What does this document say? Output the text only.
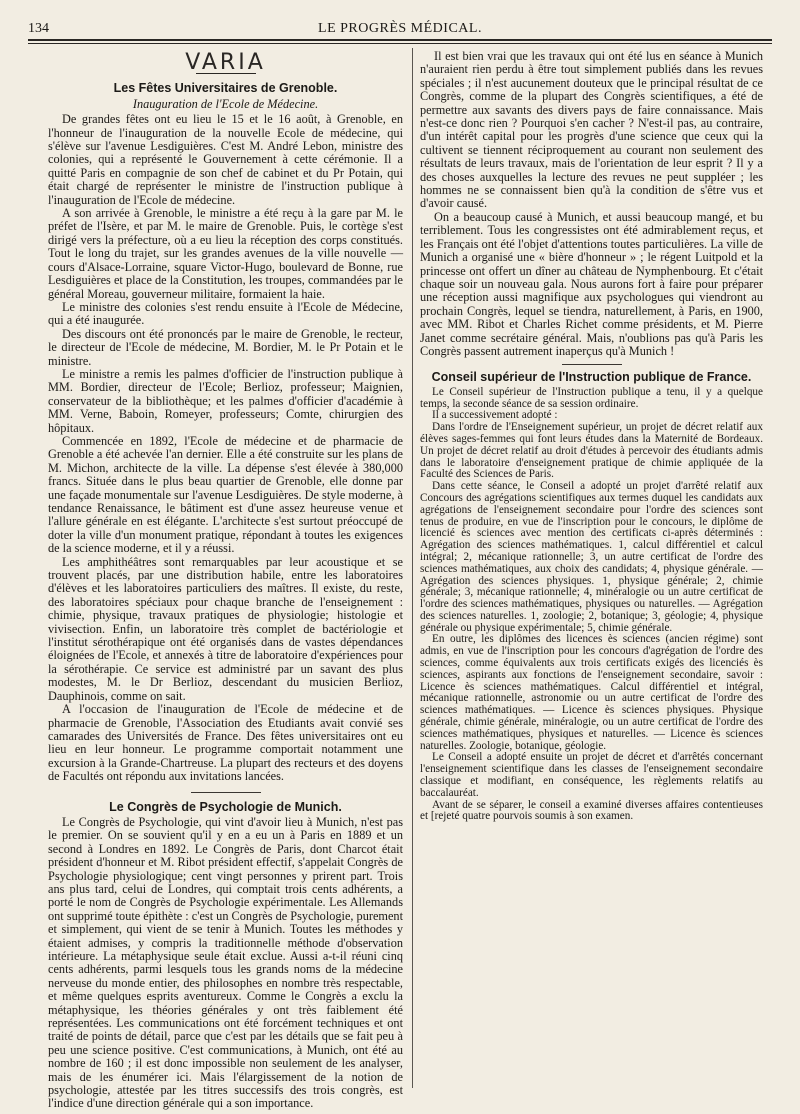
134	LE PROGRÈS MÉDICAL.
VARIA
Les Fêtes Universitaires de Grenoble.
Inauguration de l'Ecole de Médecine.

De grandes fêtes ont eu lieu le 15 et le 16 août, à Grenoble, en l'honneur de l'inauguration de la nouvelle Ecole de médecine, qui s'élève sur l'avenue Lesdiguières. C'est M. André Lebon, ministre des colonies, qui a représenté le Gouvernement à cette cérémonie. Il a quitté Paris en compagnie de son chef de cabinet et du Pr Potain, qui était chargé de représenter le ministre de l'instruction publique à l'inauguration de l'Ecole de médecine.

A son arrivée à Grenoble, le ministre a été reçu à la gare par M. le préfet de l'Isère, et par M. le maire de Grenoble. Puis, le cortège s'est dirigé vers la préfecture, où a eu lieu la réception des corps constitués. Tout le long du trajet, sur les grandes avenues de la ville nouvelle — cours d'Alsace-Lorraine, square Victor-Hugo, boulevard de Bonne, rue Lesdiguières et place de la Constitution, les troupes, commandées par le général Moreau, gouverneur militaire, formaient la haie.

Le ministre des colonies s'est rendu ensuite à l'Ecole de Médecine, qui a été inaugurée.

Des discours ont été prononcés par le maire de Grenoble, le recteur, le directeur de l'Ecole de médecine, M. Bordier, M. le Pr Potain et le ministre.

Le ministre a remis les palmes d'officier de l'instruction publique à MM. Bordier, directeur de l'Ecole; Berlioz, professeur; Maignien, conservateur de la bibliothèque; et les palmes d'officier d'académie à MM. Verne, Baboin, Romeyer, professeurs; Comte, chirurgien des hôpitaux.

Commencée en 1892, l'Ecole de médecine et de pharmacie de Grenoble a été achevée l'an dernier. Elle a été construite sur les plans de M. Michon, architecte de la ville. La dépense s'est élevée à 380,000 francs. Située dans le plus beau quartier de Grenoble, elle donne par une façade monumentale sur l'avenue Lesdiguières. De style moderne, à tendance Renaissance, le bâtiment est d'une assez heureuse venue et l'allure générale en est élégante. L'architecte s'est surtout préoccupé de doter la ville d'un monument pratique, répondant à toutes les exigences de la science moderne, et il y a réussi.

Les amphithéâtres sont remarquables par leur acoustique et se trouvent placés, par une distribution habile, entre les laboratoires d'élèves et les laboratoires particuliers des maîtres. Il existe, du reste, des laboratoires spéciaux pour chaque branche de l'enseignement : chimie, physique, travaux pratiques de physiologie; histologie et vivisection. Enfin, un laboratoire très complet de bactériologie et l'institut sérothérapique ont été organisés dans de vastes dépendances éloignées de l'Ecole, et annexés à titre de laboratoire d'expériences pour la sérothérapie. Ce service est administré par un savant des plus modestes, M. le Dr Berlioz, descendant du musicien Berlioz, Dauphinois, comme on sait.

A l'occasion de l'inauguration de l'Ecole de médecine et de pharmacie de Grenoble, l'Association des Etudiants avait convié ses camarades des Universités de France. Des fêtes universitaires ont eu lieu en leur honneur. Le programme comportait notamment une excursion à la Grande-Chartreuse. La plupart des recteurs et des doyens de Facultés ont répondu aux invitations lancées.

Le Congrès de Psychologie de Munich.

Le Congrès de Psychologie, qui vint d'avoir lieu à Munich, n'est pas le premier. On se souvient qu'il y en a eu un à Paris en 1889 et un second à Londres en 1892. Le Congrès de Paris, dont Charcot était président d'honneur et M. Ribot président effectif, s'appelait Congrès de Psychologie physiologique; cent vingt personnes y prirent part. Trois ans plus tard, celui de Londres, qui comptait trois cents adhérents, a porté le nom de Congrès de Psychologie expérimentale. Les Allemands ont supprimé toute épithète : c'est un Congrès de Psychologie, purement et simplement, qui vient de se tenir à Munich. Toutes les méthodes y étaient admises, y compris la traditionnelle méthode d'observation intérieure. La métaphysique seule était exclue. Aussi a-t-il réuni cinq cents adhérents, parmi lesquels tous les grands noms de la médecine nerveuse du monde entier, des philosophes en nombre très respectable, et même quelques esprits aventureux. Comme le Congrès a exclu la métaphysique, les théories générales y ont très faiblement été représentées. Les communications ont été forcément techniques et ont traité de points de détail, parce que c'est par les détails que se fait peu à peu une science positive. C'est communications, à Munich, ont été au nombre de 160 ; il est donc impossible non seulement de les analyser, mais de les énumérer ici. Mais l'élargissement de la notion de psychologie, attestée par les titres successifs des trois congrès, est l'indice d'une direction générale qui a son importance.

Il est bien vrai que les travaux qui ont été lus en séance à Munich n'auraient rien perdu à être tout simplement publiés dans les revues spéciales ; il n'est aucunement douteux que le principal résultat de ce Congrès, comme de la plupart des Congrès scientifiques, a été de permettre aux savants des divers pays de faire connaissance. Mais n'est-ce donc rien ? Pourquoi s'en cacher ? N'est-il pas, au contraire, d'un intérêt capital pour les progrès d'une science que ceux qui la cultivent se tiennent réciproquement au courant non seulement des résultats de leurs travaux, mais de l'orientation de leur esprit ? Il y a des choses auxquelles la lecture des revues ne peut suppléer ; les hommes ne se connaissent bien qu'à la condition de s'être vus et d'avoir causé.

On a beaucoup causé à Munich, et aussi beaucoup mangé, et bu terriblement. Tous les congressistes ont été admirablement reçus, et les Français ont été l'objet d'attentions toutes particulières. La ville de Munich a organisé une « bière d'honneur » ; le régent Luitpold et la princesse ont offert un dîner au château de Nymphenbourg. Et c'était chaque soir un nouveau gala. Nous aurons fort à faire pour préparer une réception aussi magnifique aux psychologues qui viendront au prochain Congrès, lequel se tiendra, naturellement, à Paris, en 1900, avec MM. Ribot et Charles Richet comme présidents, et M. Pierre Janet comme secrétaire général. Mais, n'oublions pas qu'à Paris les Congrès passent autrement inaperçus qu'à Munich !

Conseil supérieur de l'Instruction publique de France.

Le Conseil supérieur de l'Instruction publique a tenu, il y a quelque temps, la seconde séance de sa session ordinaire.

Il a successivement adopté :

Dans l'ordre de l'Enseignement supérieur, un projet de décret relatif aux élèves sages-femmes qui font leurs études dans la Maternité de Bordeaux. Un projet de décret relatif au droit d'études à percevoir des étudiants admis dans le laboratoire d'enseignement pratique de chimie appliquée de la Faculté des Sciences de Paris.

Dans cette séance, le Conseil a adopté un projet d'arrêté relatif aux Concours des agrégations scientifiques aux termes duquel les candidats aux agrégations de l'enseignement secondaire pour l'ordre des sciences sont tenus de produire, en vue de l'inscription pour le concours, le diplôme de licencié ès sciences avec mention des certificats ci-après déterminés : Agrégation des sciences mathématiques. 1, calcul différentiel et calcul intégral; 2, mécanique rationnelle; 3, un autre certificat de l'ordre des sciences mathématiques, aux choix des candidats; 4, physique générale. — Agrégation des sciences physiques. 1, physique générale; 2, chimie générale; 3, mécanique rationnelle; 4, minéralogie ou un autre certificat de l'ordre des sciences mathématiques, physiques ou naturelles. — Agrégation des sciences naturelles. 1, zoologie; 2, botanique; 3, géologie; 4, physique générale ou physique expérimentale; 5, chimie générale.

En outre, les diplômes des licences ès sciences (ancien régime) sont admis, en vue de l'inscription pour les concours d'agrégation de l'ordre des sciences, comme équivalents aux trois certificats exigés des licenciés ès sciences, aspirants aux fonctions de l'enseignement secondaire, savoir : Licence ès sciences mathématiques. Calcul différentiel et intégral, mécanique rationnelle, astronomie ou un autre certificat de l'ordre des sciences mathématiques. — Licence ès sciences physiques. Physique générale, chimie générale, minéralogie, ou un autre certificat de l'ordre des sciences mathématiques, physiques et naturelles. — Licence ès sciences naturelles. Zoologie, botanique, géologie.

Le Conseil a adopté ensuite un projet de décret et d'arrêtés concernant l'enseignement scientifique dans les classes de l'enseignement secondaire classique et modifiant, en conséquence, les règlements relatifs au baccalauréat.

Avant de se séparer, le conseil a examiné diverses affaires contentieuses et [rejeté quatre pourvois soumis à son examen.
